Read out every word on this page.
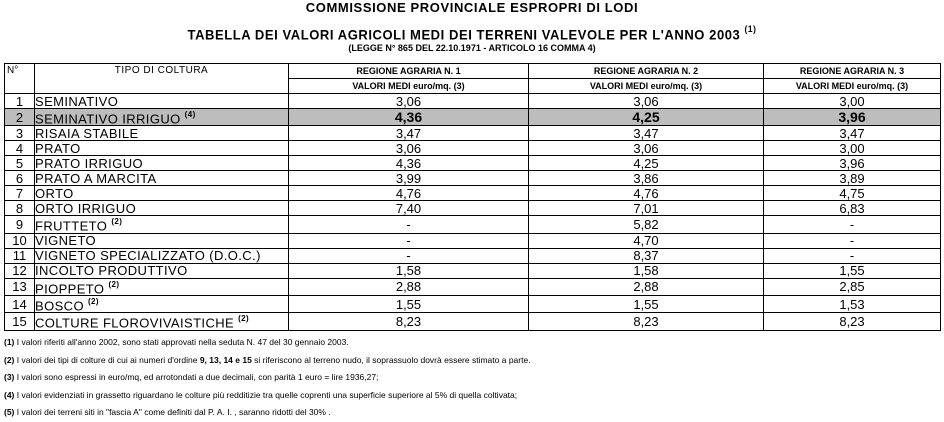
COMMISSIONE PROVINCIALE ESPROPRI DI LODI
TABELLA DEI VALORI AGRICOLI MEDI DEI TERRENI VALEVOLE PER L'ANNO 2003 $^{(1)}$
(LEGGE N° 865 DEL 22.10.1971 - ARTICOLO 16 COMMA 4)
N°	TIPO DI COLTURA	REGIONE AGRARIA N. 1	REGIONE AGRARIA N. 2	REGIONE AGRARIA N. 3
		VALORI MEDI euro/mq. (3)	VALORI MEDI euro/mq. (3)	VALORI MEDI euro/mq. (3)
1	SEMINATIVO	3,06	3,06	3,00
2	SEMINATIVO IRRIGUO $^{(4)}$	4,36	4,25	3,96
3	RISAIA STABILE	3,47	3,47	3,47
4	PRATO	3,06	3,06	3,00
5	PRATO IRRIGUO	4,36	4,25	3,96
6	PRATO A MARCITA	3,99	3,86	3,89
7	ORTO	4,76	4,76	4,75
8	ORTO IRRIGUO	7,40	7,01	6,83
9	FRUTTETO $^{(2)}$	-	5,82	-
10	VIGNETO	-	4,70	-
11	VIGNETO SPECIALIZZATO (D.O.C.)	-	8,37	-
12	INCOLTO PRODUTTIVO	1,58	1,58	1,55
13	PIOPPETO $^{(2)}$	2,88	2,88	2,85
14	BOSCO $^{(2)}$	1,55	1,55	1,53
15	COLTURE FLOROVIVAISTICHE $^{(2)}$	8,23	8,23	8,23
(1) I valori riferiti all'anno 2002, sono stati approvati nella seduta N. 47 del 30 gennaio 2003.
(2) I valori dei tipi di colture di cui ai numeri d'ordine 9, 13, 14 e 15 si riferiscono al terreno nudo, il soprassuolo dovrà essere stimato a parte.
(3) I valori sono espressi in euro/mq, ed arrotondati a due decimali, con parità 1 euro = lire 1936,27;
(4) I valori evidenziati in grassetto riguardano le colture più redditizie tra quelle coprenti una superficie superiore al 5% di quella coltivata;
(5) I valori dei terreni siti in "fascia A" come definiti dal P. A. I. , saranno ridotti del 30% .
